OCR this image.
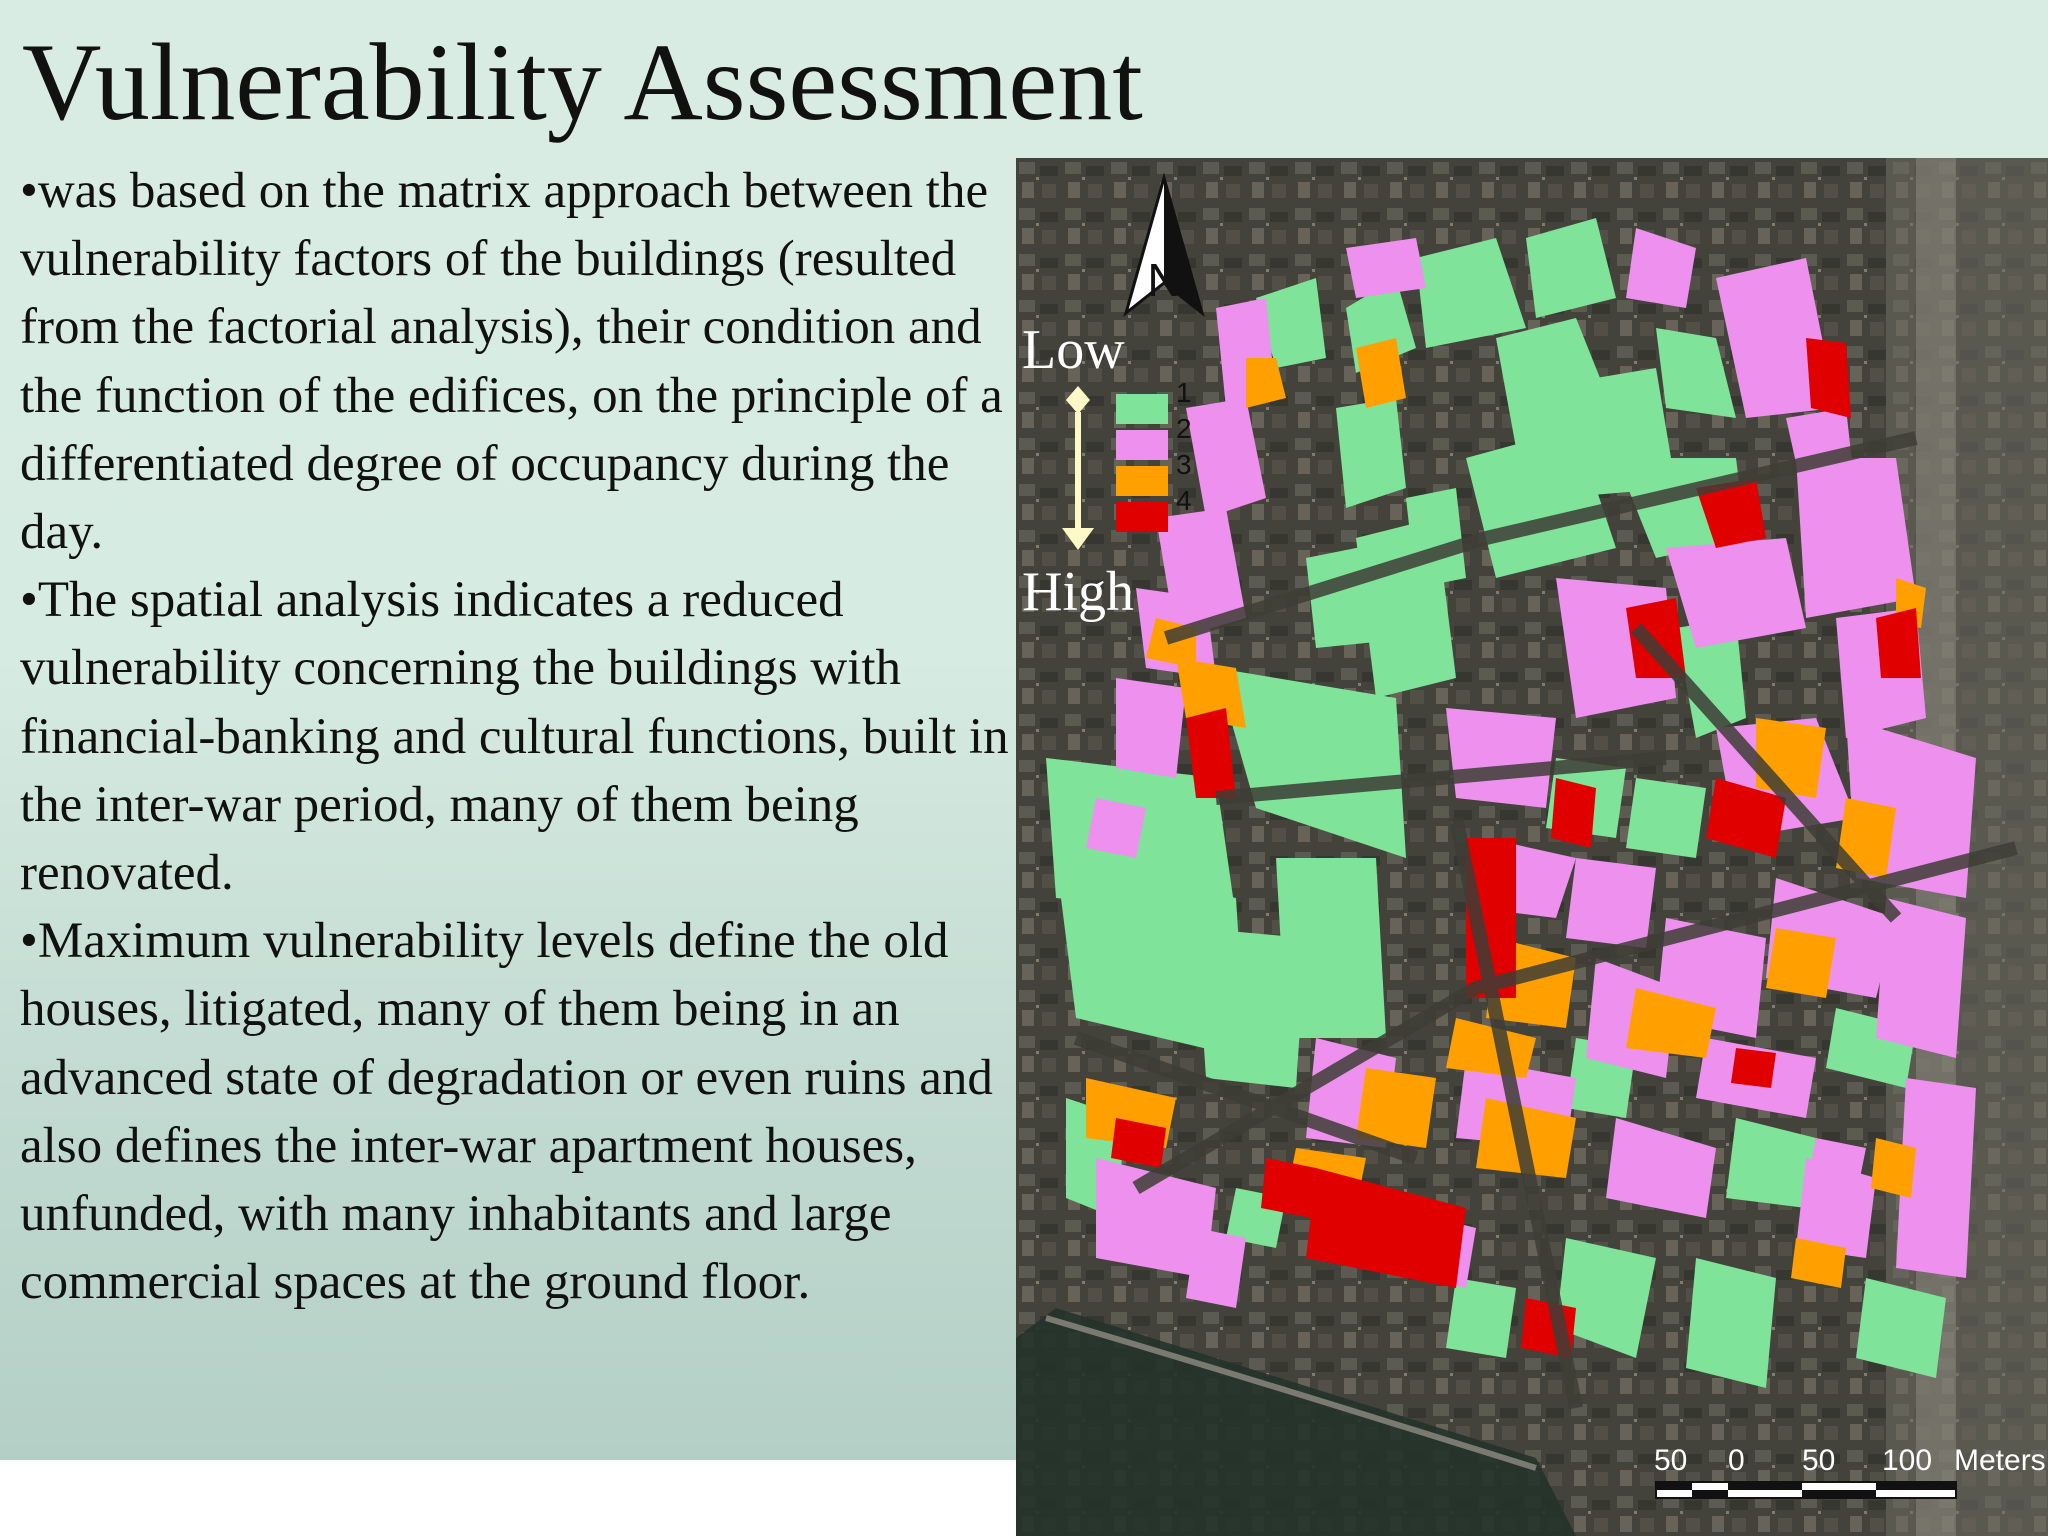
Vulnerability Assessment

•was based on the matrix approach between the vulnerability factors of the buildings (resulted from the factorial analysis), their condition and the function of the edifices, on the principle of a differentiated degree of occupancy during the day.

•The spatial analysis indicates a reduced vulnerability concerning the buildings with financial-banking and cultural functions, built in the inter-war period, many of them being renovated.

•Maximum vulnerability levels define the old houses, litigated, many of them being in an advanced state of degradation or even ruins and also defines the inter-war apartment houses, unfunded, with many inhabitants and large commercial spaces at the ground floor.

N
Low
High
1
2
3
4
50 0 50 100 Meters
